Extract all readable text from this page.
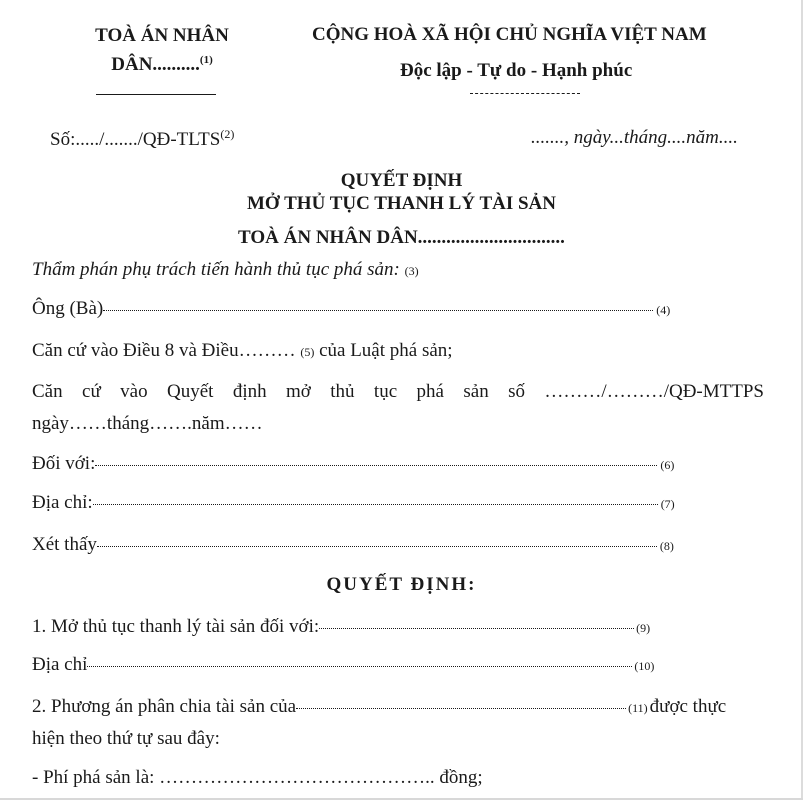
TOÀ ÁN NHÂN
DÂN..........$^{(1)}$
CỘNG HOÀ XÃ HỘI CHỦ NGHĨA VIỆT NAM
Độc lập - Tự do - Hạnh phúc
Số:...../......./QĐ-TLTS$^{(2)}$	......., ngày...tháng....năm....
QUYẾT ĐỊNH
MỞ THỦ TỤC THANH LÝ TÀI SẢN
TOÀ ÁN NHÂN DÂN...............................
Thẩm phán phụ trách tiến hành thủ tục phá sản:
(3)
Ông (Bà)	(4)
Căn cứ vào Điều 8 và Điều………
(5)
của Luật phá sản;
Căn cứ vào Quyết định mở thủ tục phá sản số ………/………/QĐ-MTTPS
ngày……tháng…….năm……
Đối với:	(6)
Địa chỉ:	(7)
Xét thấy	(8)
QUYẾT ĐỊNH:
1. Mở thủ tục thanh lý tài sản đối với:	(9)
Địa chỉ	(10)
2. Phương án phân chia tài sản của	(11) được thực
hiện theo thứ tự sau đây:
- Phí phá sản là: …………………………………….. đồng;
